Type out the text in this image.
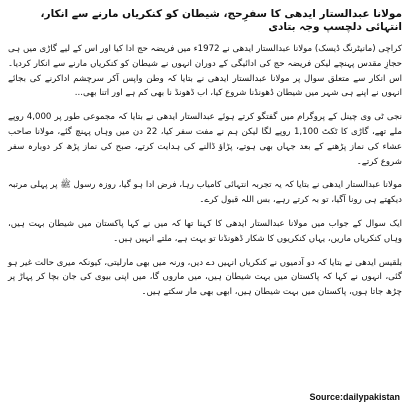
مولانا عبدالستار ایدھی کا سفرِحج، شیطان کو کنکریاں مارنے سے انکار، انتہائی دلچسپ وجہ بتادی

کراچی (مانیٹرنگ ڈیسک) مولانا عبدالستار ایدھی نے 1972ء میں فریضہ حج ادا کیا اور اس کے لیے گاڑی میں ہی حجازِ مقدس پہنچے لیکن فریضہ حج کی ادائیگی کے دوران انہوں نے شیطان کو کنکریاں مارنے سے انکار کردیا۔ اس انکار سے متعلق سوال پر مولانا عبدالستار ایدھی نے بتایا کہ وطن واپس آکر سرچشم اداکرنے کی بجائے انہوں نے اپنے ہی شہر میں شیطان ڈھونڈنا شروع کیا، اب ڈھونڈ نا بھی کم ہے اور اتنا بھی...

نجی ٹی وی چینل کے پروگرام میں گفتگو کرتے ہوئے عبدالستار ایدھی نے بتایا کہ مجموعی طور پر 4,000 روپے ملے تھے، گاڑی کا ٹکٹ 1,100 روپے لگا لیکن ہم نے مفت سفر کیا، 22 دن میں وہاں پہنچ گئے، مولانا صاحب عشاء کی نماز پڑھنے کے بعد جہاں بھی ہوتے، پڑاؤ ڈالنے کی ہدایت کرتے، صبح کی نماز پڑھ کر دوبارہ سفر شروع کرتے۔

مولانا عبدالستار ایدھی نے بتایا کہ یہ تجربہ انتہائی کامیاب رہا، فرض ادا ہو گیا، روزہ رسول ﷺ پر پہلی مرتبہ دیکھتے ہی رونا آگیا، تو بہ کرتے رہے، بس اللہ قبول کرے۔

ایک سوال کے جواب میں مولانا عبدالستار ایدھی کا کہنا تھا کہ میں نے کہا پاکستان میں شیطان بہت ہیں، وہاں کنکریاں ماریں، یہاں کنکریوں کا شکار ڈھونڈنا تو بہت ہے، ملتے انہیں ہیں۔

بلقیس ایدھی نے بتایا کہ دو آدمیوں نے کنکریاں انہیں دے دیں، ورنہ میں بھی مارلیتی، کیونکہ میری حالت غیر ہو گئی، انہوں نے کہا کہ پاکستان میں بہت شیطان ہیں، میں ماروں گا، میں اپنی بیوی کی جان بچا کر پہاڑ پر چڑھ جاتا ہوں، پاکستان میں بہت شیطان ہیں، ابھی بھی مار سکتے ہیں۔

Source:dailypakistan
